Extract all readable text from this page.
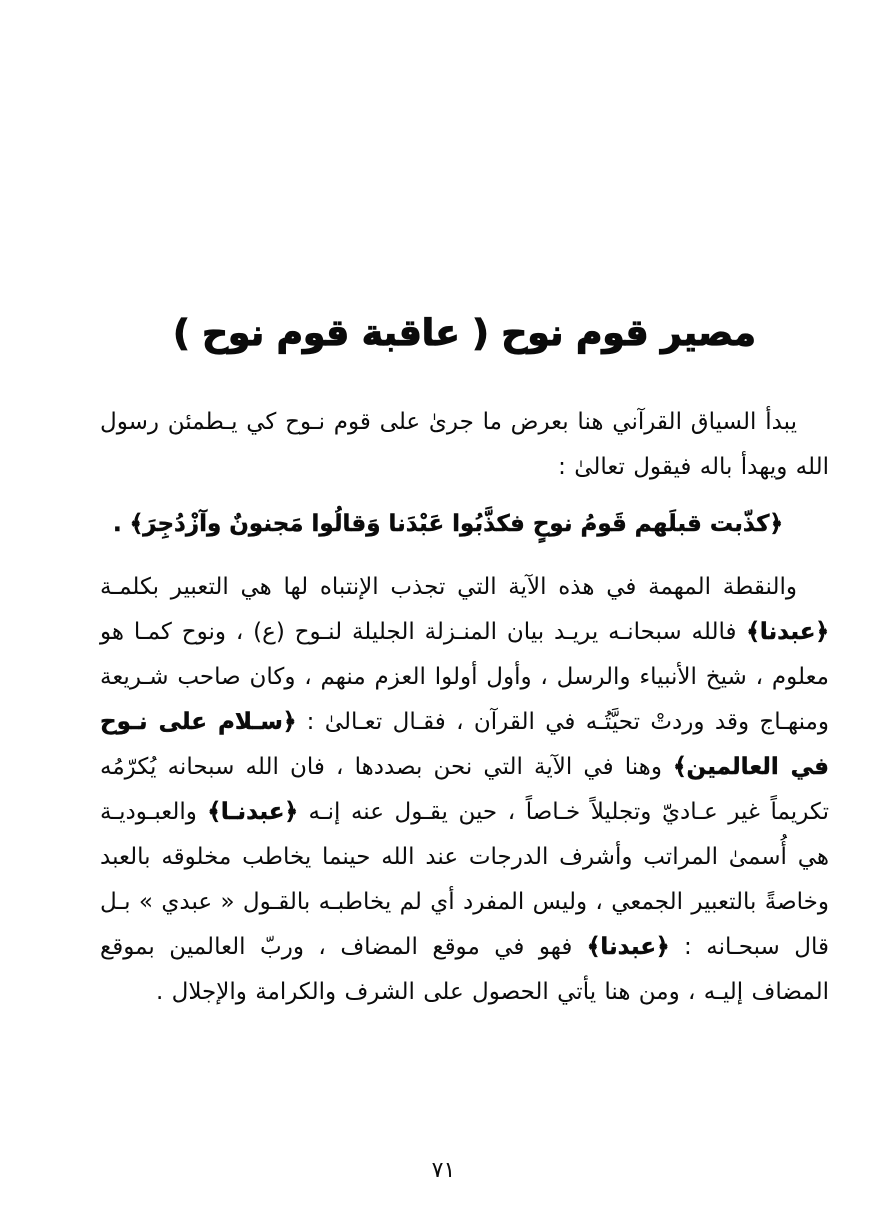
مصير قوم نوح ( عاقبة قوم نوح )

يبدأ السياق القرآني هنا بعرض ما جرىٰ على قوم نـوح كي يـطمئن رسول الله ويهدأ باله فيقول تعالىٰ :

﴿كذّبت قبلَهم قَومُ نوحٍ فكذَّبُوا عَبْدَنا وَقالُوا مَجنونٌ وآزْدُجِرَ﴾ .

والنقطة المهمة في هذه الآية التي تجذب الإنتباه لها هي التعبير بكلمـة ﴿عبدنا﴾ فالله سبحانـه يريـد بيان المنـزلة الجليلة لنـوح (ع) ، ونوح كمـا هو معلوم ، شيخ الأنبياء والرسل ، وأول أولوا العزم منهم ، وكان صاحب شـريعة ومنهـاج وقد وردتْ تحيَّتُـه في القرآن ، فقـال تعـالىٰ : ﴿سـلام على نـوح في العالمين﴾ وهنا في الآية التي نحن بصددها ، فان الله سبحانه يُكرّمُه تكريماً غير عـاديّ وتجليلاً خـاصاً ، حين يقـول عنه إنـه ﴿عبدنـا﴾ والعبـوديـة هي أُسمىٰ المراتب وأشرف الدرجات عند الله حينما يخاطب مخلوقه بالعبد وخاصةً بالتعبير الجمعي ، وليس المفرد أي لم يخاطبـه بالقـول « عبدي » بـل قال سبحـانه : ﴿عبدنا﴾ فهو في موقع المضاف ، وربّ العالمين بموقع المضاف إليـه ، ومن هنا يأتي الحصول على الشرف والكرامة والإجلال .

٧١
